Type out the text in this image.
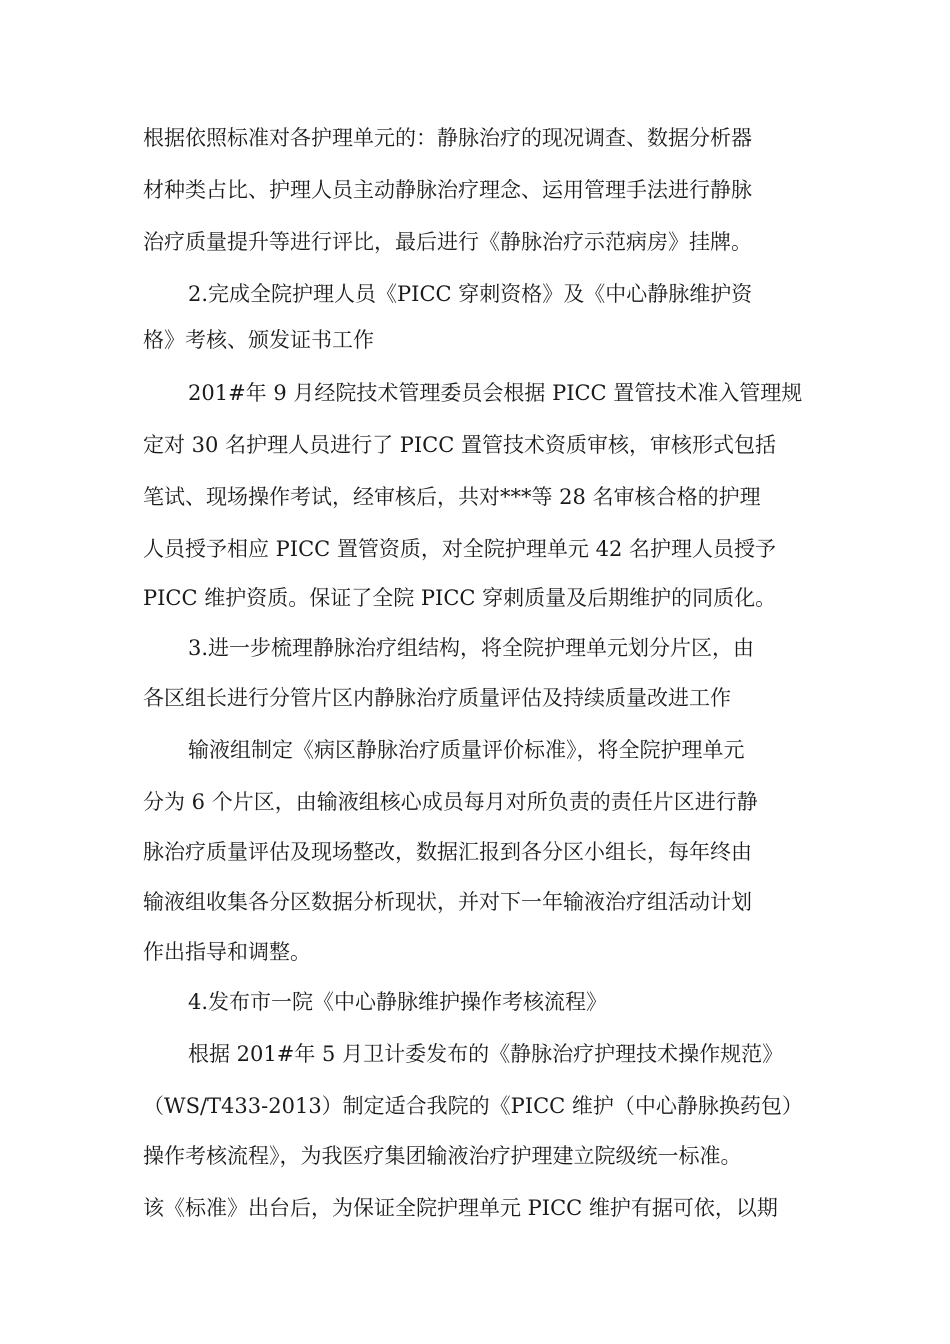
根据依照标准对各护理单元的：静脉治疗的现况调查、数据分析器
材种类占比、护理人员主动静脉治疗理念、运用管理手法进行静脉
治疗质量提升等进行评比，最后进行《静脉治疗示范病房》挂牌。
2.完成全院护理人员《PICC 穿刺资格》及《中心静脉维护资
格》考核、颁发证书工作
201#年 9 月经院技术管理委员会根据 PICC 置管技术准入管理规
定对 30 名护理人员进行了 PICC 置管技术资质审核，审核形式包括
笔试、现场操作考试，经审核后，共对***等 28 名审核合格的护理
人员授予相应 PICC 置管资质，对全院护理单元 42 名护理人员授予
PICC 维护资质。保证了全院 PICC 穿刺质量及后期维护的同质化。
3.进一步梳理静脉治疗组结构，将全院护理单元划分片区，由
各区组长进行分管片区内静脉治疗质量评估及持续质量改进工作
输液组制定《病区静脉治疗质量评价标准》，将全院护理单元
分为 6 个片区，由输液组核心成员每月对所负责的责任片区进行静
脉治疗质量评估及现场整改，数据汇报到各分区小组长，每年终由
输液组收集各分区数据分析现状，并对下一年输液治疗组活动计划
作出指导和调整。
4.发布市一院《中心静脉维护操作考核流程》
根据 201#年 5 月卫计委发布的《静脉治疗护理技术操作规范》
（WS/T433-2013）制定适合我院的《PICC 维护（中心静脉换药包）
操作考核流程》，为我医疗集团输液治疗护理建立院级统一标准。
该《标准》出台后，为保证全院护理单元 PICC 维护有据可依，以期
